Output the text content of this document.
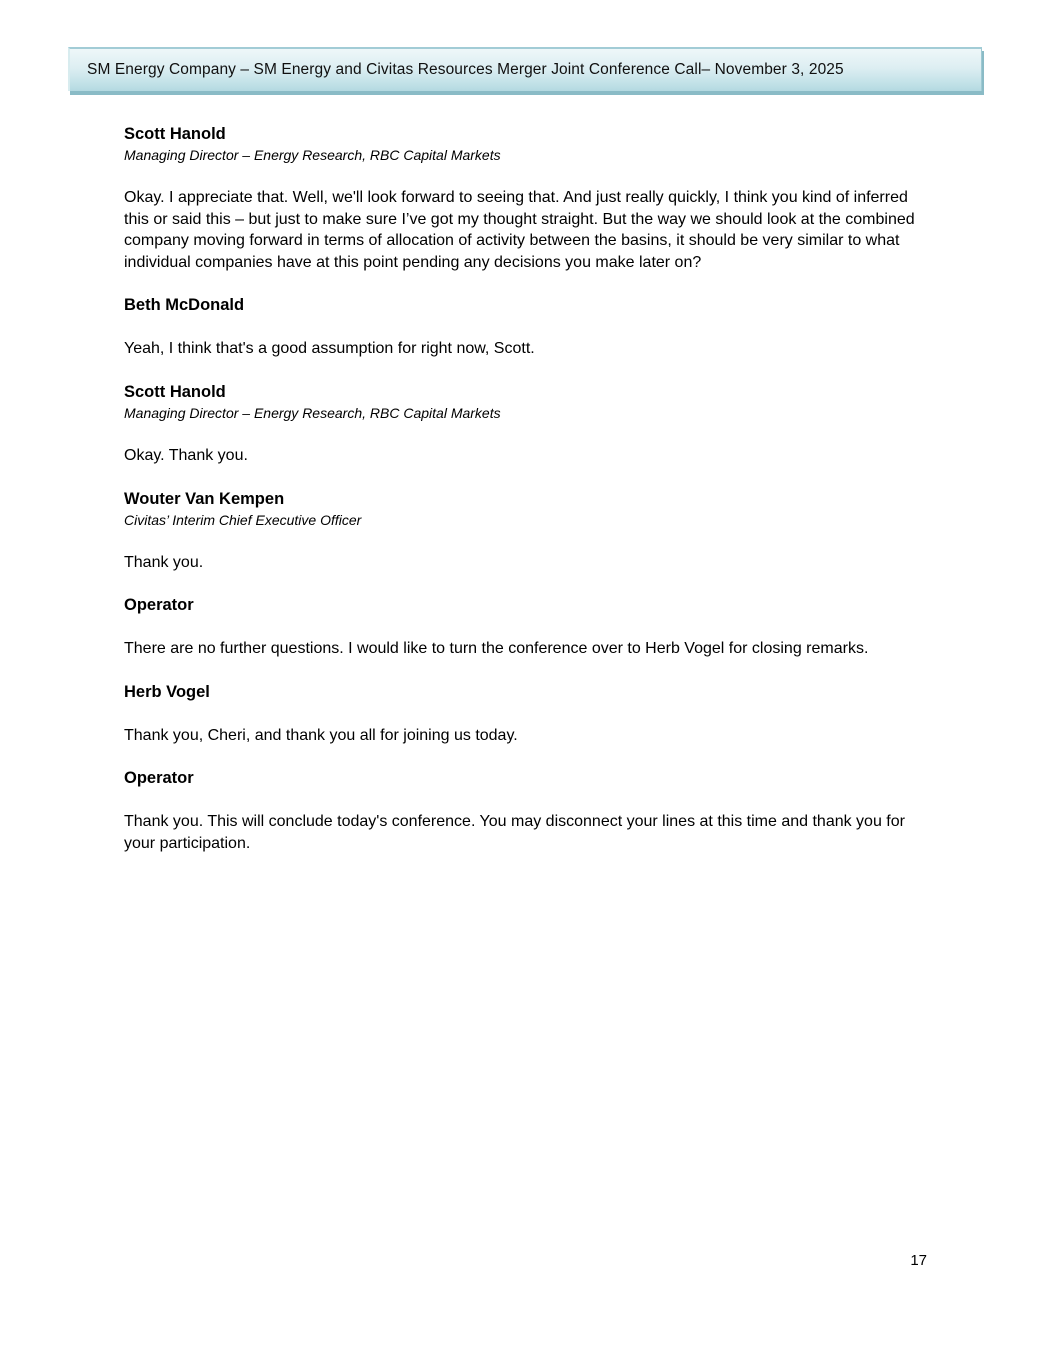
SM Energy Company – SM Energy and Civitas Resources Merger Joint Conference Call– November 3, 2025
Scott Hanold
Managing Director – Energy Research, RBC Capital Markets

Okay. I appreciate that. Well, we'll look forward to seeing that. And just really quickly, I think you kind of inferred this or said this – but just to make sure I’ve got my thought straight. But the way we should look at the combined company moving forward in terms of allocation of activity between the basins, it should be very similar to what individual companies have at this point pending any decisions you make later on?

Beth McDonald

Yeah, I think that's a good assumption for right now, Scott.

Scott Hanold
Managing Director – Energy Research, RBC Capital Markets

Okay. Thank you.

Wouter Van Kempen
Civitas’ Interim Chief Executive Officer

Thank you.

Operator

There are no further questions. I would like to turn the conference over to Herb Vogel for closing remarks.

Herb Vogel

Thank you, Cheri, and thank you all for joining us today.

Operator

Thank you. This will conclude today's conference. You may disconnect your lines at this time and thank you for your participation.

17
